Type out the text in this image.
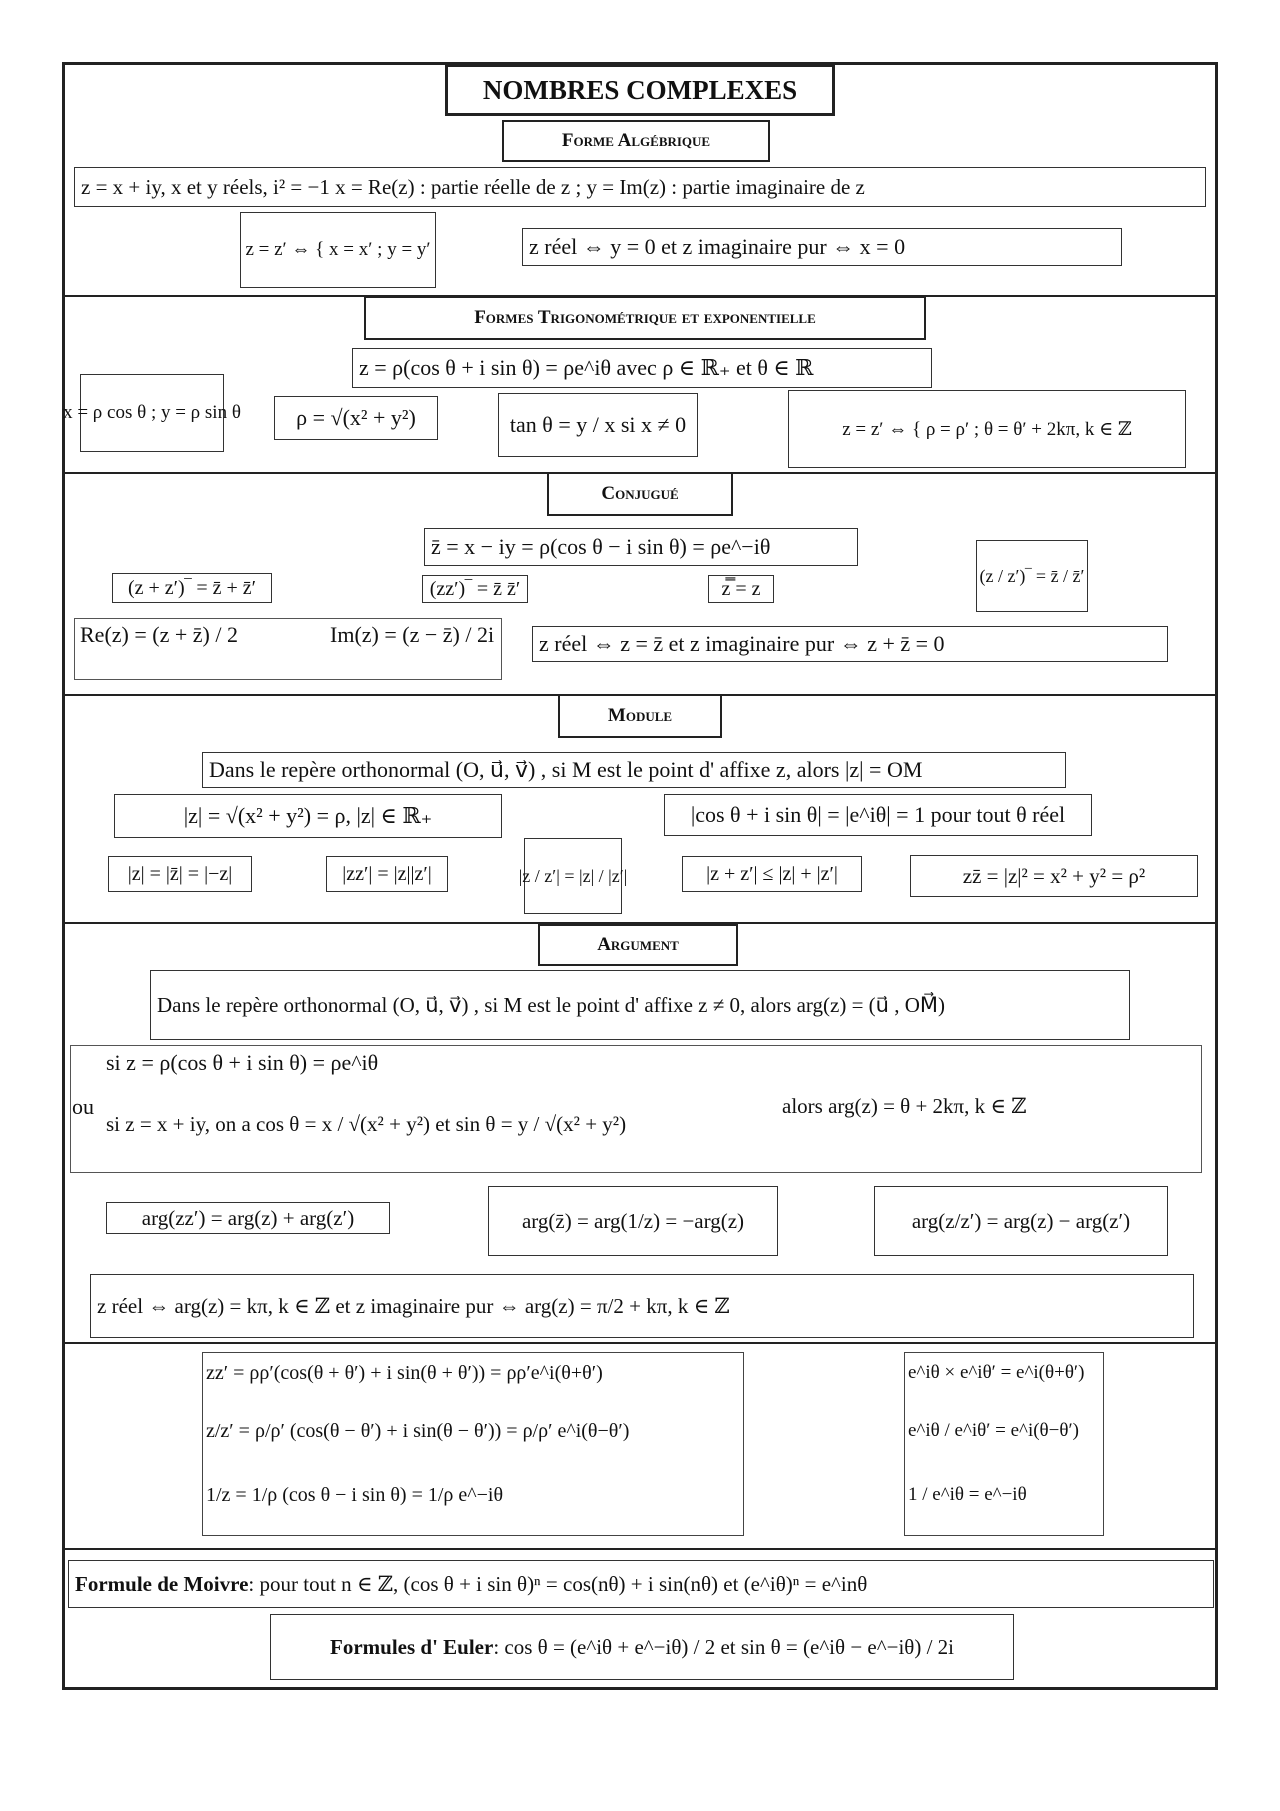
NOMBRES COMPLEXES
Forme Algébrique
z = x + iy, x et y réels, i² = −1 x = Re(z) : partie réelle de z ; y = Im(z) : partie imaginaire de z
z = z′ ⇔ { x = x′ ; y = y′	z réel ⇔ y = 0 et z imaginaire pur ⇔ x = 0
Formes Trigonométrique et exponentielle
z = ρ(cos θ + i sin θ) = ρe^iθ avec ρ ∈ ℝ₊ et θ ∈ ℝ
x = ρ cos θ ; y = ρ sin θ	ρ = √(x² + y²)	tan θ = y / x si x ≠ 0	z = z′ ⇔ { ρ = ρ′ ; θ = θ′ + 2kπ, k ∈ ℤ
Conjugué
z̄ = x − iy = ρ(cos θ − i sin θ) = ρe^−iθ
(z / z′)‾ = z̄ / z̄′
(z + z′)‾ = z̄ + z̄′	(zz′)‾ = z̄ z̄′	z̿ = z
Re(z) = (z + z̄) / 2	Im(z) = (z − z̄) / 2i	z réel ⇔ z = z̄ et z imaginaire pur ⇔ z + z̄ = 0
Module
Dans le repère orthonormal (O, u⃗, v⃗) , si M est le point d' affixe z, alors |z| = OM
|z| = √(x² + y²) = ρ, |z| ∈ ℝ₊	|cos θ + i sin θ| = |e^iθ| = 1 pour tout θ réel
|z| = |z̄| = |−z|	|zz′| = |z||z′|	|z / z′| = |z| / |z′|	|z + z′| ≤ |z| + |z′|	zz̄ = |z|² = x² + y² = ρ²
Argument
Dans le repère orthonormal (O, u⃗, v⃗) , si M est le point d' affixe z ≠ 0, alors arg(z) = (u⃗ , OM⃗)
si z = ρ(cos θ + i sin θ) = ρe^iθ
ou
si z = x + iy, on a cos θ = x / √(x² + y²) et sin θ = y / √(x² + y²)
alors arg(z) = θ + 2kπ, k ∈ ℤ
arg(zz′) = arg(z) + arg(z′)	arg(z̄) = arg(1/z) = −arg(z)	arg(z/z′) = arg(z) − arg(z′)
z réel ⇔ arg(z) = kπ, k ∈ ℤ et z imaginaire pur ⇔ arg(z) = π/2 + kπ, k ∈ ℤ
zz′ = ρρ′(cos(θ + θ′) + i sin(θ + θ′)) = ρρ′e^i(θ+θ′)
z/z′ = ρ/ρ′ (cos(θ − θ′) + i sin(θ − θ′)) = ρ/ρ′ e^i(θ−θ′)
1/z = 1/ρ (cos θ − i sin θ) = 1/ρ e^−iθ
e^iθ × e^iθ′ = e^i(θ+θ′)
e^iθ / e^iθ′ = e^i(θ−θ′)
1 / e^iθ = e^−iθ
Formule de Moivre : pour tout n ∈ ℤ, (cos θ + i sin θ)ⁿ = cos(nθ) + i sin(nθ) et (e^iθ)ⁿ = e^inθ
Formules d' Euler : cos θ = (e^iθ + e^−iθ) / 2 et sin θ = (e^iθ − e^−iθ) / 2i
